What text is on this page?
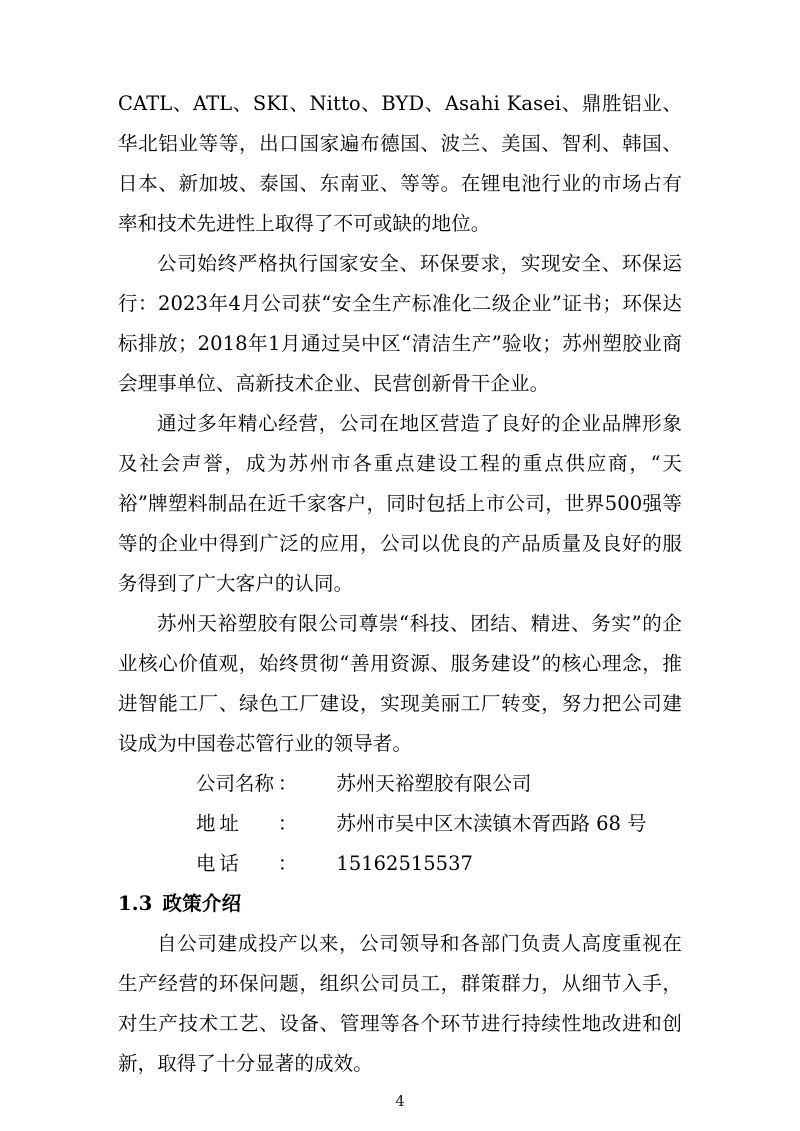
CATL、ATL、SKI、Nitto、BYD、Asahi Kasei、鼎胜铝业、华北铝业等等，出口国家遍布德国、波兰、美国、智利、韩国、日本、新加坡、泰国、东南亚、等等。在锂电池行业的市场占有率和技术先进性上取得了不可或缺的地位。

公司始终严格执行国家安全、环保要求，实现安全、环保运行：2023年4月公司获“安全生产标准化二级企业”证书；环保达标排放；2018年1月通过吴中区“清洁生产”验收；苏州塑胶业商会理事单位、高新技术企业、民营创新骨干企业。

通过多年精心经营，公司在地区营造了良好的企业品牌形象及社会声誉，成为苏州市各重点建设工程的重点供应商，“天裕”牌塑料制品在近千家客户，同时包括上市公司，世界500强等等的企业中得到广泛的应用，公司以优良的产品质量及良好的服务得到了广大客户的认同。

苏州天裕塑胶有限公司尊崇“科技、团结、精进、务实”的企业核心价值观，始终贯彻“善用资源、服务建设”的核心理念，推进智能工厂、绿色工厂建设，实现美丽工厂转变，努力把公司建设成为中国卷芯管行业的领导者。

公司名称 ： 苏州天裕塑胶有限公司
地址 ： 苏州市吴中区木渎镇木胥西路 68 号
电话 ： 15162515537
1.3 政策介绍

自公司建成投产以来，公司领导和各部门负责人高度重视在生产经营的环保问题，组织公司员工，群策群力，从细节入手，对生产技术工艺、设备、管理等各个环节进行持续性地改进和创新，取得了十分显著的成效。

4
